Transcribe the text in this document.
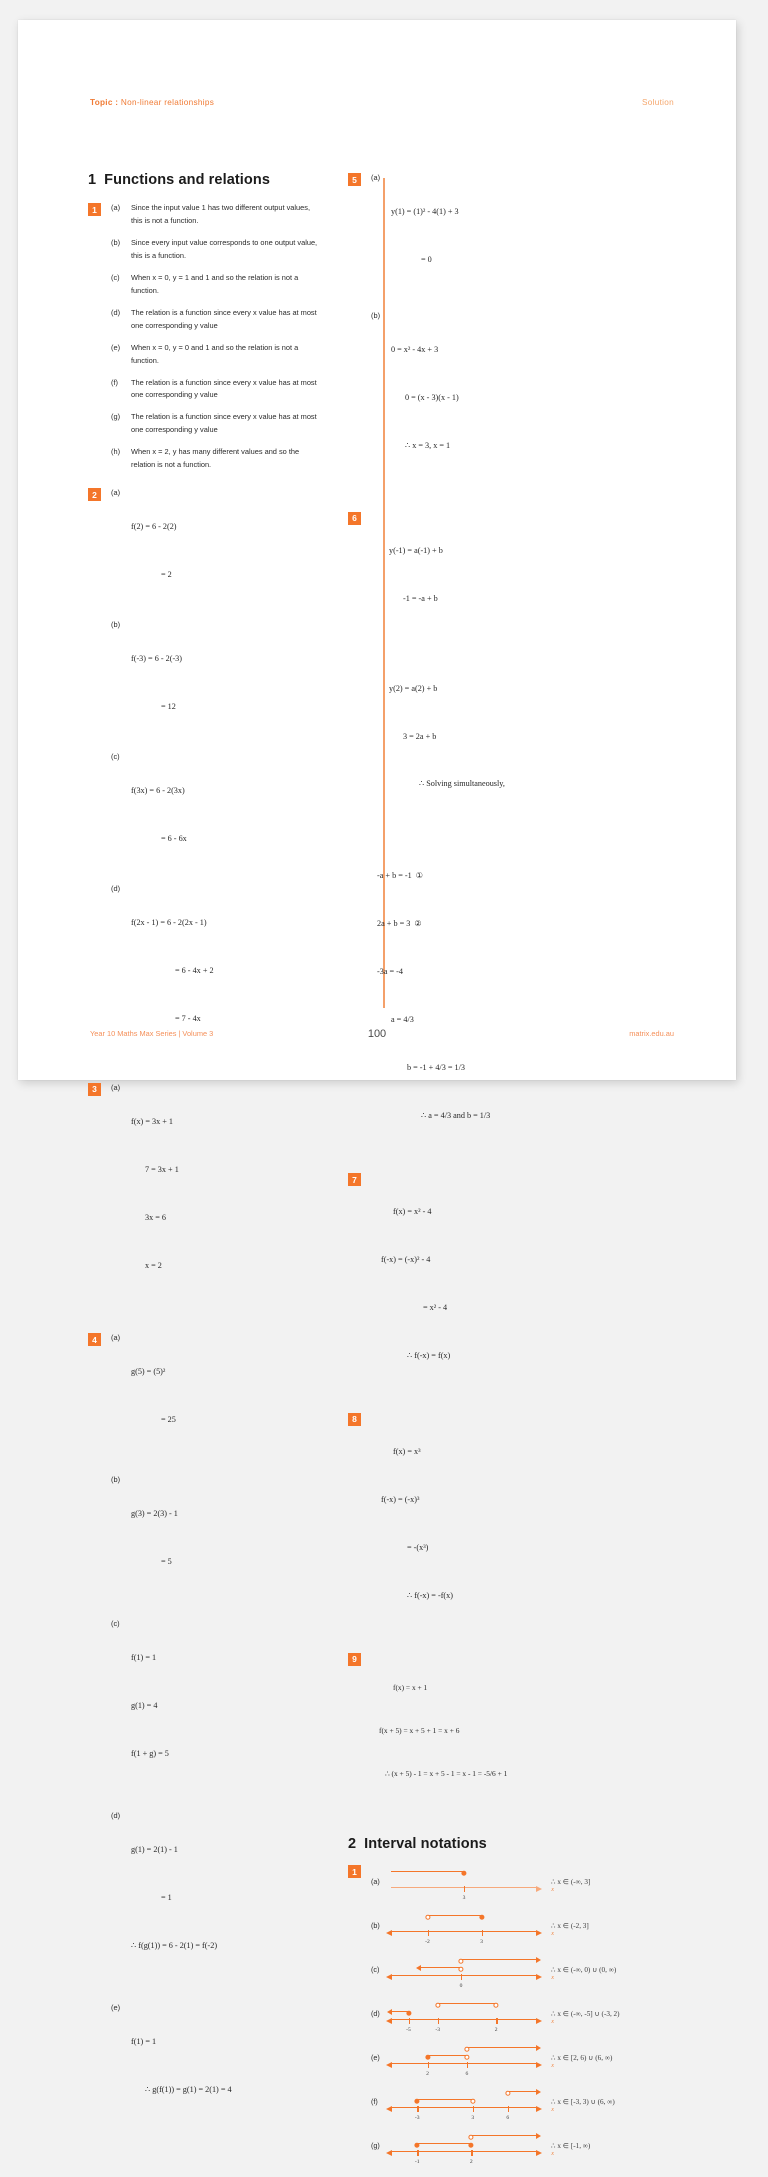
Topic : Non-linear relationships	Solution
1 Functions and relations
1	(a)	Since the input value 1 has two different output values, this is not a function.
(b)	Since every input value corresponds to one output value, this is a function.
(c)	When x = 0, y = 1 and 1 and so the relation is not a function.
(d)	The relation is a function since every x value has at most one corresponding y value
(e)	When x = 0, y = 0 and 1 and so the relation is not a function.
(f)	The relation is a function since every x value has at most one corresponding y value
(g)	The relation is a function since every x value has at most one corresponding y value
(h)	When x = 2, y has many different values and so the relation is not a function.
2	(a)

f(2) = 6 - 2(2)

= 2

(b)

f(-3) = 6 - 2(-3)

= 12

(c)

f(3x) = 6 - 2(3x)

= 6 - 6x

(d)

f(2x - 1) = 6 - 2(2x - 1)

= 6 - 4x + 2

= 7 - 4x

3	(a)

f(x) = 3x + 1

7 = 3x + 1

3x = 6

x = 2

4	(a)

g(5) = (5)²

= 25

(b)

g(3) = 2(3) - 1

= 5

(c)

f(1) = 1

g(1) = 4

f(1 + g) = 5

(d)

g(1) = 2(1) - 1

= 1

∴ f(g(1)) = 6 - 2(1) = f(-2)

(e)

f(1) = 1

∴ g(f(1)) = g(1) = 2(1) = 4

5	(a)

y(1) = (1)² - 4(1) + 3

= 0

(b)

0 = x² - 4x + 3

0 = (x - 3)(x - 1)

∴ x = 3, x = 1

6

y(-1) = a(-1) + b

-1 = -a + b

y(2) = a(2) + b

3 = 2a + b

∴ Solving simultaneously,

-a + b = -1  ①

2a + b = 3  ②

-3a = -4

a = 4/3

b = -1 + 4/3 = 1/3

∴ a = 4/3 and b = 1/3

7

f(x) = x² - 4

f(-x) = (-x)² - 4

= x² - 4

∴ f(-x) = f(x)

8

f(x) = x³

f(-x) = (-x)³

= -(x³)

∴ f(-x) = -f(x)

9

f(x) = x + 1

f(x + 5) = x + 5 + 1 = x + 6

∴ (x + 5) - 1 = x + 5 - 1 = x - 1 = -5/6 + 1

2 Interval notations
1
(a)
3
x
∴ x ∈ (-∞, 3]
(b)
-2	3
x
∴ x ∈ (-2, 3]
(c)
0
x
∴ x ∈ (-∞, 0) ∪ (0, ∞)
(d)
-5	-3	2
x
∴ x ∈ (-∞, -5] ∪ (-3, 2)
(e)
2	6
x
∴ x ∈ [2, 6) ∪ (6, ∞)
(f)
-3	3	6
x
∴ x ∈ [-3, 3) ∪ (6, ∞)
(g)
-1	2
x
∴ x ∈ [-1, ∞)
Year 10 Maths Max Series | Volume 3	100	matrix.edu.au
